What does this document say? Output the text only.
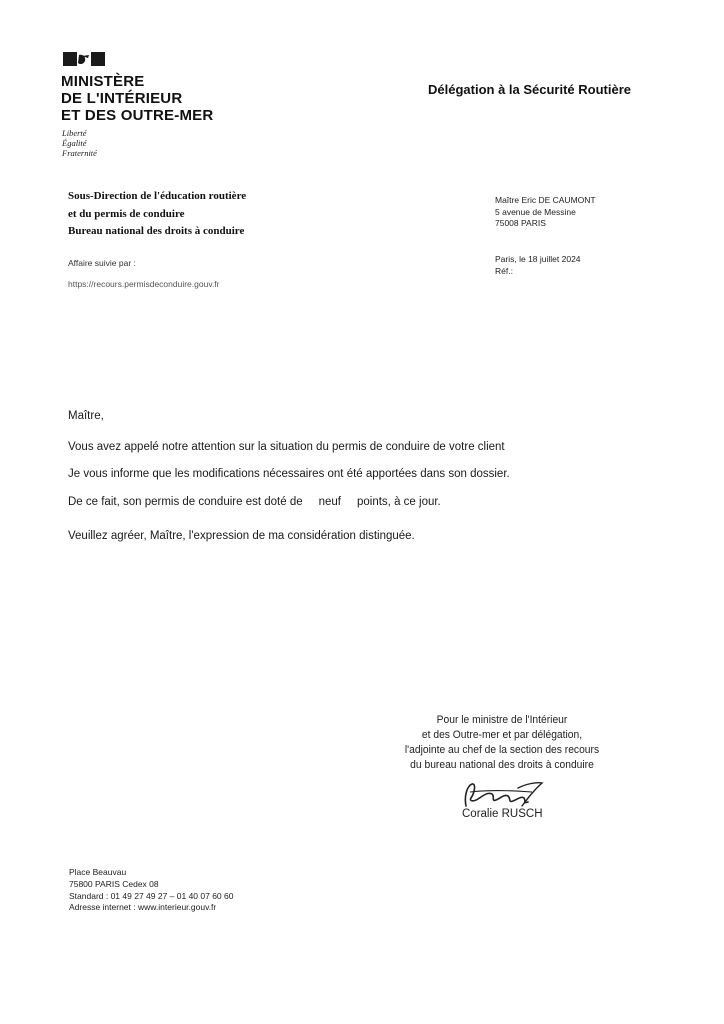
MINISTÈRE
DE L'INTÉRIEUR
ET DES OUTRE-MER
Liberté
Égalité
Fraternité
Délégation à la Sécurité Routière
Sous-Direction de l'éducation routière
et du permis de conduire
Bureau national des droits à conduire
Affaire suivie par :
https://recours.permisdeconduire.gouv.fr
Maître Eric DE CAUMONT
5 avenue de Messine
75008 PARIS
Paris, le 18 juillet 2024
Réf.:
Maître,
Vous avez appelé notre attention sur la situation du permis de conduire de votre client
Je vous informe que les modifications nécessaires ont été apportées dans son dossier.
De ce fait, son permis de conduire est doté de neuf points, à ce jour.
Veuillez agréer, Maître, l'expression de ma considération distinguée.
Pour le ministre de l'Intérieur
et des Outre-mer et par délégation,
l'adjointe au chef de la section des recours
du bureau national des droits à conduire
Coralie RUSCH
Place Beauvau
75800 PARIS Cedex 08
Standard : 01 49 27 49 27 – 01 40 07 60 60
Adresse internet : www.interieur.gouv.fr
